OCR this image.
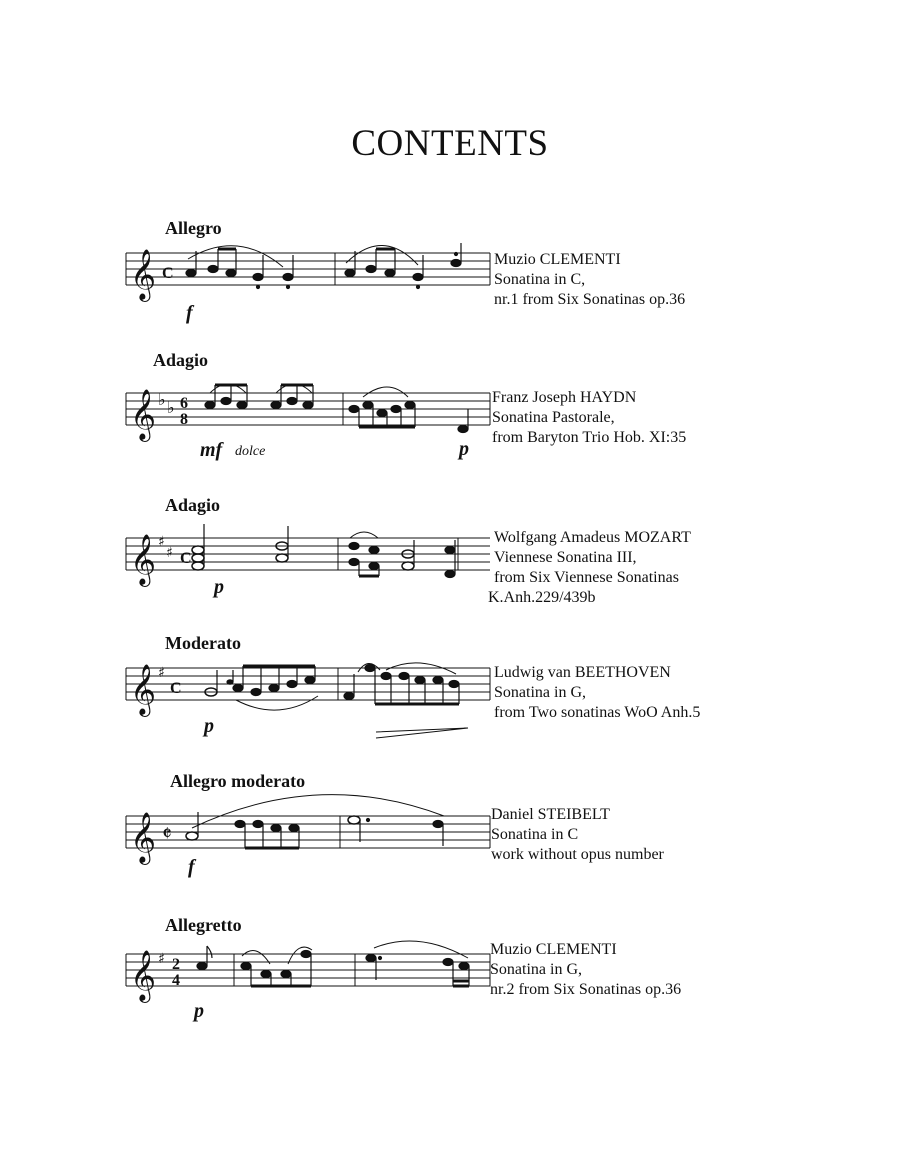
CONTENTS
Allegro
𝄞 C
f
Muzio CLEMENTI
Sonatina in C,
nr.1 from Six Sonatinas op.36
Adagio
𝄞 ♭ ♭ 6
8
mf dolce	p
Franz Joseph HAYDN
Sonatina Pastorale,
from Baryton Trio Hob. XI:35
Adagio
𝄞 ♯
♯ C
p
Wolfgang Amadeus MOZART
Viennese Sonatina III,
from Six Viennese Sonatinas
K.Anh.229/439b
Moderato
𝄞 ♯
C
p
Ludwig van BEETHOVEN
Sonatina in G,
from Two sonatinas WoO Anh.5
Allegro moderato
𝄞 𝄵
f
Daniel STEIBELT
Sonatina in C
work without opus number
Allegretto
𝄞 ♯ 2
4
p
Muzio CLEMENTI
Sonatina in G,
nr.2 from Six Sonatinas op.36
